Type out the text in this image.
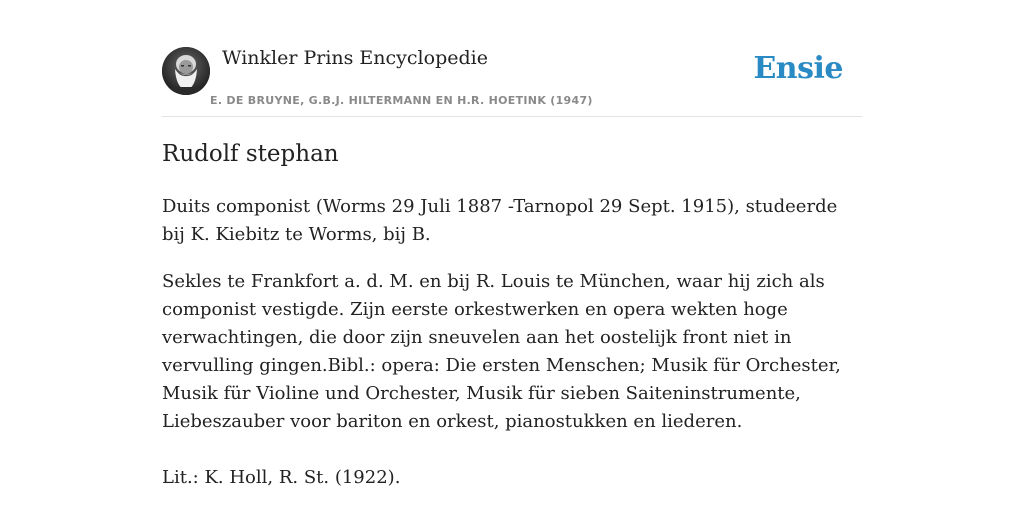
Winkler Prins Encyclopedie
E. DE BRUYNE, G.B.J. HILTERMANN EN H.R. HOETINK (1947)
Ensie
Rudolf stephan

Duits componist (Worms 29 Juli 1887 -Tarnopol 29 Sept. 1915), studeerde bij K. Kiebitz te Worms, bij B.

Sekles te Frankfort a. d. M. en bij R. Louis te München, waar hij zich als componist vestigde. Zijn eerste orkestwerken en opera wekten hoge verwachtingen, die door zijn sneuvelen aan het oostelijk front niet in vervulling gingen.Bibl.: opera: Die ersten Menschen; Musik für Orchester, Musik für Violine und Orchester, Musik für sieben Saiteninstrumente, Liebeszauber voor bariton en orkest, pianostukken en liederen.

Lit.: K. Holl, R. St. (1922).
